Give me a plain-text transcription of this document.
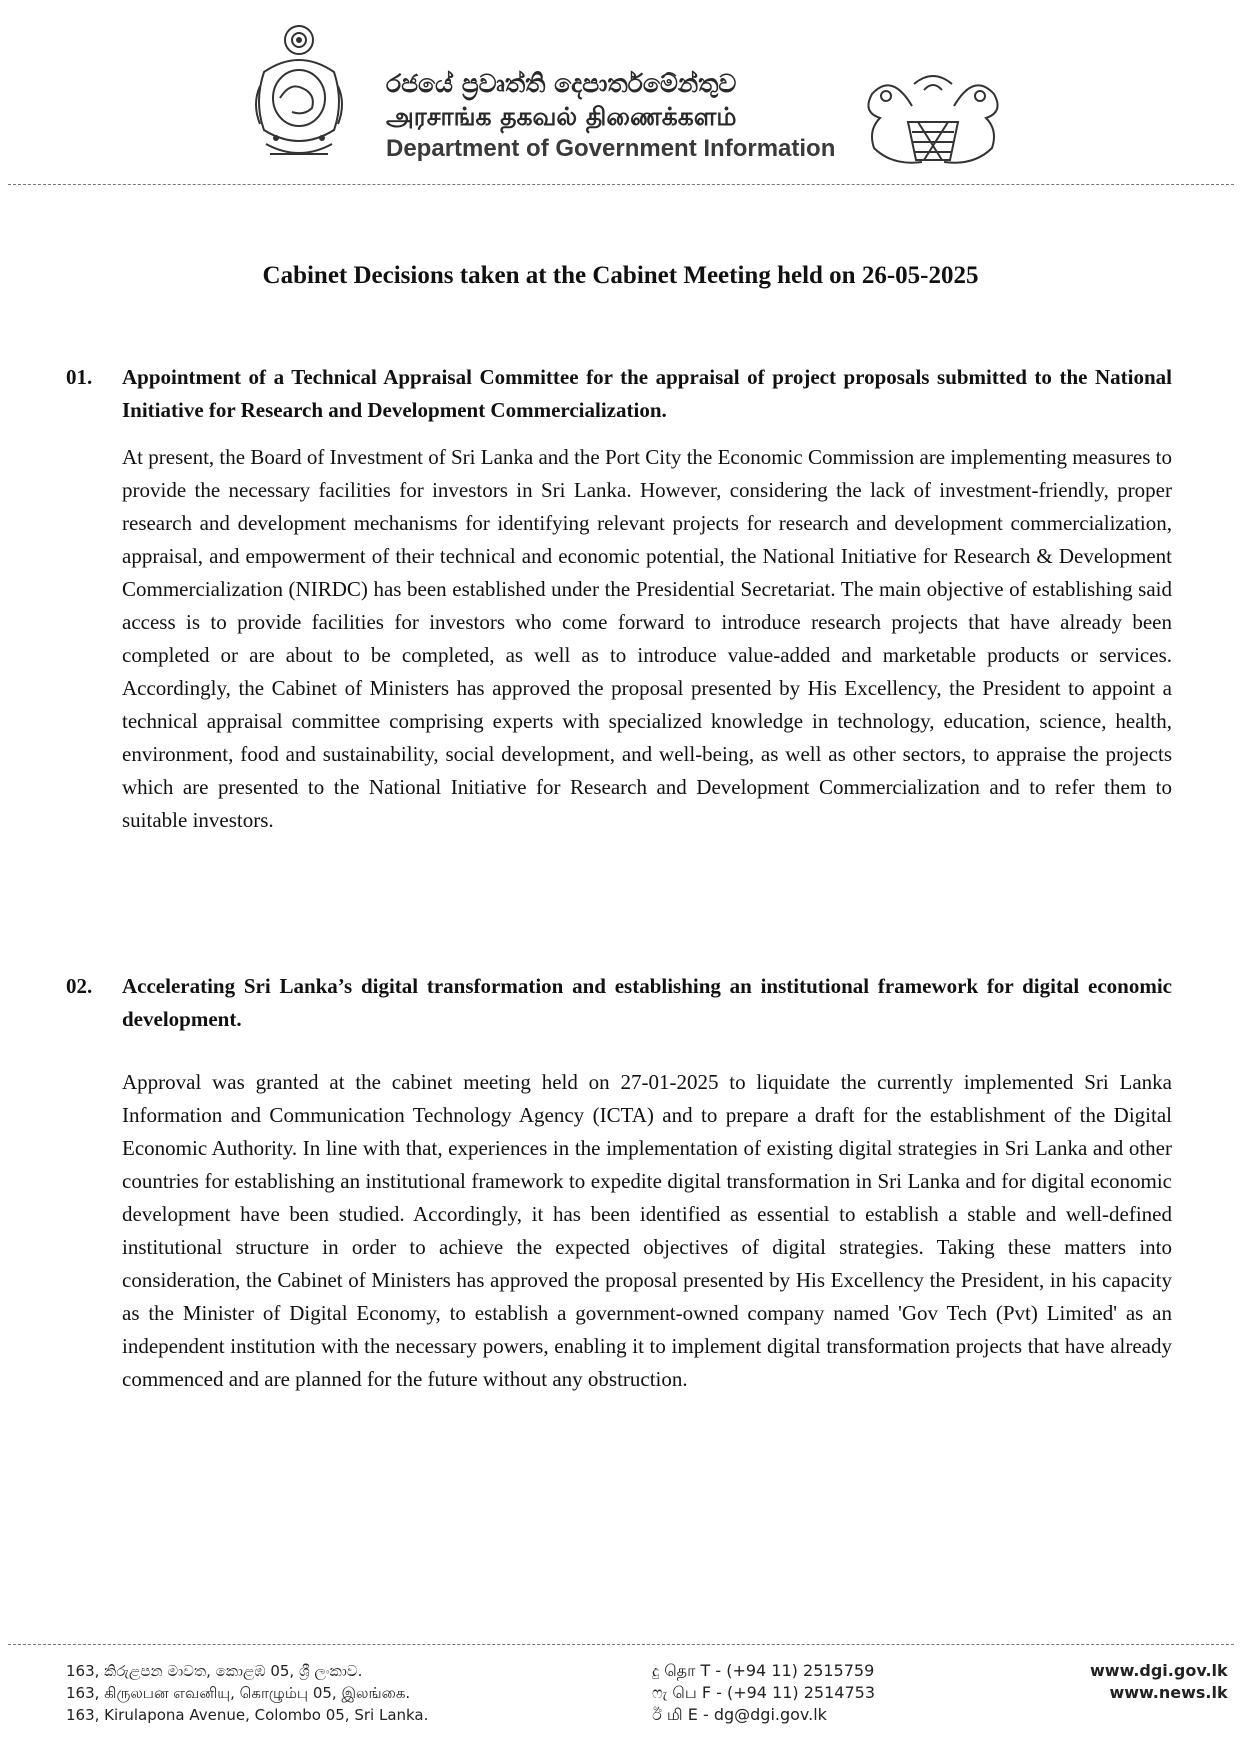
රජයේ ප්‍රවෘත්ති දෙපාර්තමේන්තුව
அரசாங்க தகவல் திணைக்களம்
Department of Government Information
Cabinet Decisions taken at the Cabinet Meeting held on 26-05-2025
01. Appointment of a Technical Appraisal Committee for the appraisal of project proposals submitted to the National Initiative for Research and Development Commercialization.
At present, the Board of Investment of Sri Lanka and the Port City the Economic Commission are implementing measures to provide the necessary facilities for investors in Sri Lanka. However, considering the lack of investment-friendly, proper research and development mechanisms for identifying relevant projects for research and development commercialization, appraisal, and empowerment of their technical and economic potential, the National Initiative for Research & Development Commercialization (NIRDC) has been established under the Presidential Secretariat. The main objective of establishing said access is to provide facilities for investors who come forward to introduce research projects that have already been completed or are about to be completed, as well as to introduce value-added and marketable products or services. Accordingly, the Cabinet of Ministers has approved the proposal presented by His Excellency, the President to appoint a technical appraisal committee comprising experts with specialized knowledge in technology, education, science, health, environment, food and sustainability, social development, and well-being, as well as other sectors, to appraise the projects which are presented to the National Initiative for Research and Development Commercialization and to refer them to suitable investors.
02. Accelerating Sri Lanka’s digital transformation and establishing an institutional framework for digital economic development.
Approval was granted at the cabinet meeting held on 27-01-2025 to liquidate the currently implemented Sri Lanka Information and Communication Technology Agency (ICTA) and to prepare a draft for the establishment of the Digital Economic Authority. In line with that, experiences in the implementation of existing digital strategies in Sri Lanka and other countries for establishing an institutional framework to expedite digital transformation in Sri Lanka and for digital economic development have been studied. Accordingly, it has been identified as essential to establish a stable and well-defined institutional structure in order to achieve the expected objectives of digital strategies. Taking these matters into consideration, the Cabinet of Ministers has approved the proposal presented by His Excellency the President, in his capacity as the Minister of Digital Economy, to establish a government-owned company named 'Gov Tech (Pvt) Limited' as an independent institution with the necessary powers, enabling it to implement digital transformation projects that have already commenced and are planned for the future without any obstruction.
163, කිරුළපන මාවත, කොළඹ 05, ශ්‍රී ලංකාව.
163, கிருலபன எவனியு, கொழும்பு 05, இலங்கை.
163, Kirulapona Avenue, Colombo 05, Sri Lanka.
දු தொ T - (+94 11) 2515759
ෆැ பெ F - (+94 11) 2514753
ඊ மி E - dg@dgi.gov.lk
www.dgi.gov.lk
www.news.lk
